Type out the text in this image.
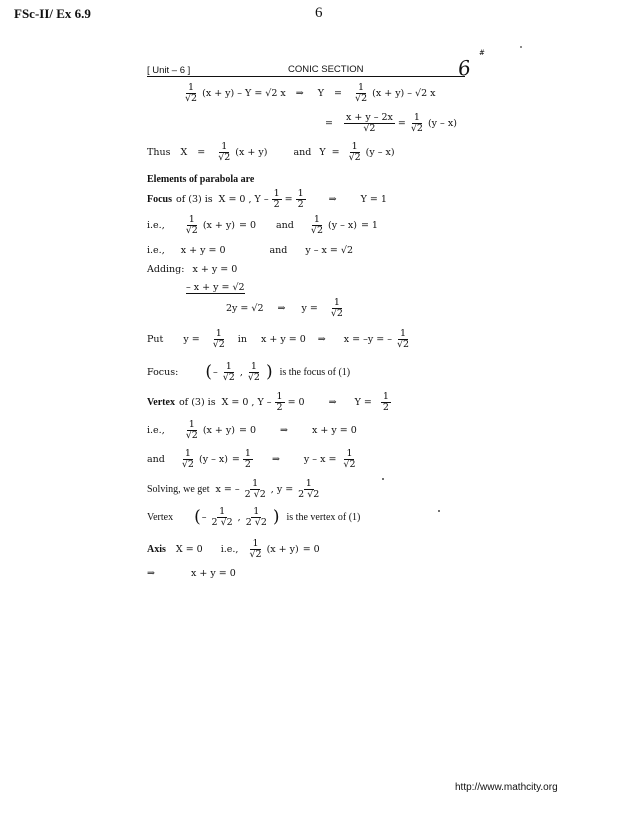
FSc-II/ Ex 6.9	6
[ Unit – 6 ]	CONIC SECTION	6
#
1
√2 (x + y) – Y = √2 x ⇒ Y =
1
√2 (x + y) – √2 x
= $\frac{x + y - 2x}{√2} = \frac{1}{√2} (y - x)$
Thus X =
1
√2 (x + y)	and Y =
1
√2 (y – x)
Elements of parabola are
Focus of (3) is X = 0 , $Y - \frac{1}{2} = \frac{1}{2}$ ⇒	Y = 1
i.e.,
1
√2 (x + y) = 0 and
1
√2 (y – x) = 1
i.e., x + y = 0	and y – x = √2
Adding: x + y = 0
– x + y = √2
2y = √2 ⇒ y =
1
√2
Put y =
1
√2 in x + y = 0 ⇒ x = –y = –
1
√2
Focus: ( –
1
√2 ,
1
√2 ) is the focus of (1)
Vertex of (3) is X = 0 , $Y - \frac{1}{2} = 0$	⇒ Y =
1
2
i.e.,
1
√2 (x + y) = 0	⇒	x + y = 0
and
1
√2 $(y - x) = \frac{1}{2}$ ⇒	y – x =
1
√2
Solving, we get x = –
1
2 √2 , $y = \frac{1}{2 √2}$
Vertex ( –
1
2 √2 ,
1
2 √2 ) is the vertex of (1)
Axis X = 0 i.e.,
1
√2 (x + y) = 0
⇒	x + y = 0
http://www.mathcity.org
